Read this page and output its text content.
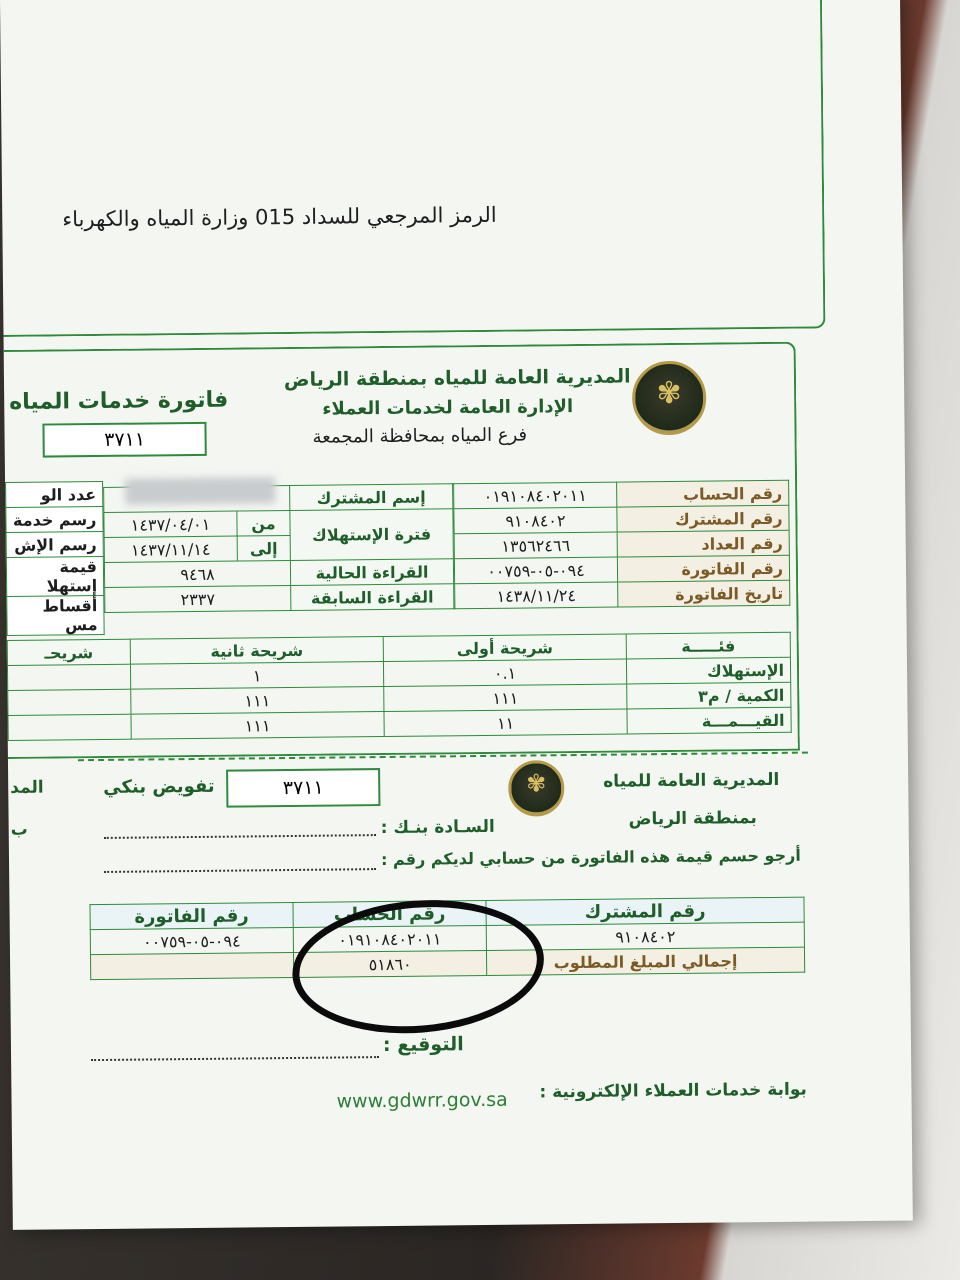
الرمز المرجعي للسداد 015 وزارة المياه والكهرباء
✾
المديرية العامة للمياه بمنطقة الرياض
الإدارة العامة لخدمات العملاء
فرع المياه بمحافظة المجمعة
فاتورة خدمات المياه
٣٧١١
٠١٩١٠٨٤٠٢٠١١	رقم الحساب
٩١٠٨٤٠٢	رقم المشترك
١٣٥٦٢٤٦٦	رقم العداد
٠٩٤-٠٥-٠٠٧٥٩	رقم الفاتورة
١٤٣٨/١١/٢٤	تاريخ الفاتورة
		إسم المشترك
١٤٣٧/٠٤/٠١	من	فترة الإستهلاك
١٤٣٧/١١/١٤	إلى	
٩٤٦٨		القراءة الحالية
٢٣٣٧		القراءة السابقة
عدد الو
رسم خدمة
رسم الإش
قيمة إستهلا
أقساط مس
شريحـ	شريحة ثانية	شريحة أولى	فئـــــة
	١	٠.١	الإستهلاك
	١١١	١١١	الكمية / م٣
	١١١	١١	القيـــمـــة
✾	المديرية العامة للمياه
بمنطقة الرياض
تفويض بنكي	٣٧١١
المد
ب	السـادة بنـك :
أرجو حسم قيمة هذه الفاتورة من حسابي لديكم رقم :
رقم الفاتورة	رقم الحساب	رقم المشترك
٠٩٤-٠٥-٠٠٧٥٩	٠١٩١٠٨٤٠٢٠١١	٩١٠٨٤٠٢
	٥١٨٦٠	إجمالي المبلغ المطلوب
التوقيع :
بوابة خدمات العملاء الإلكترونية :
www.gdwrr.gov.sa
